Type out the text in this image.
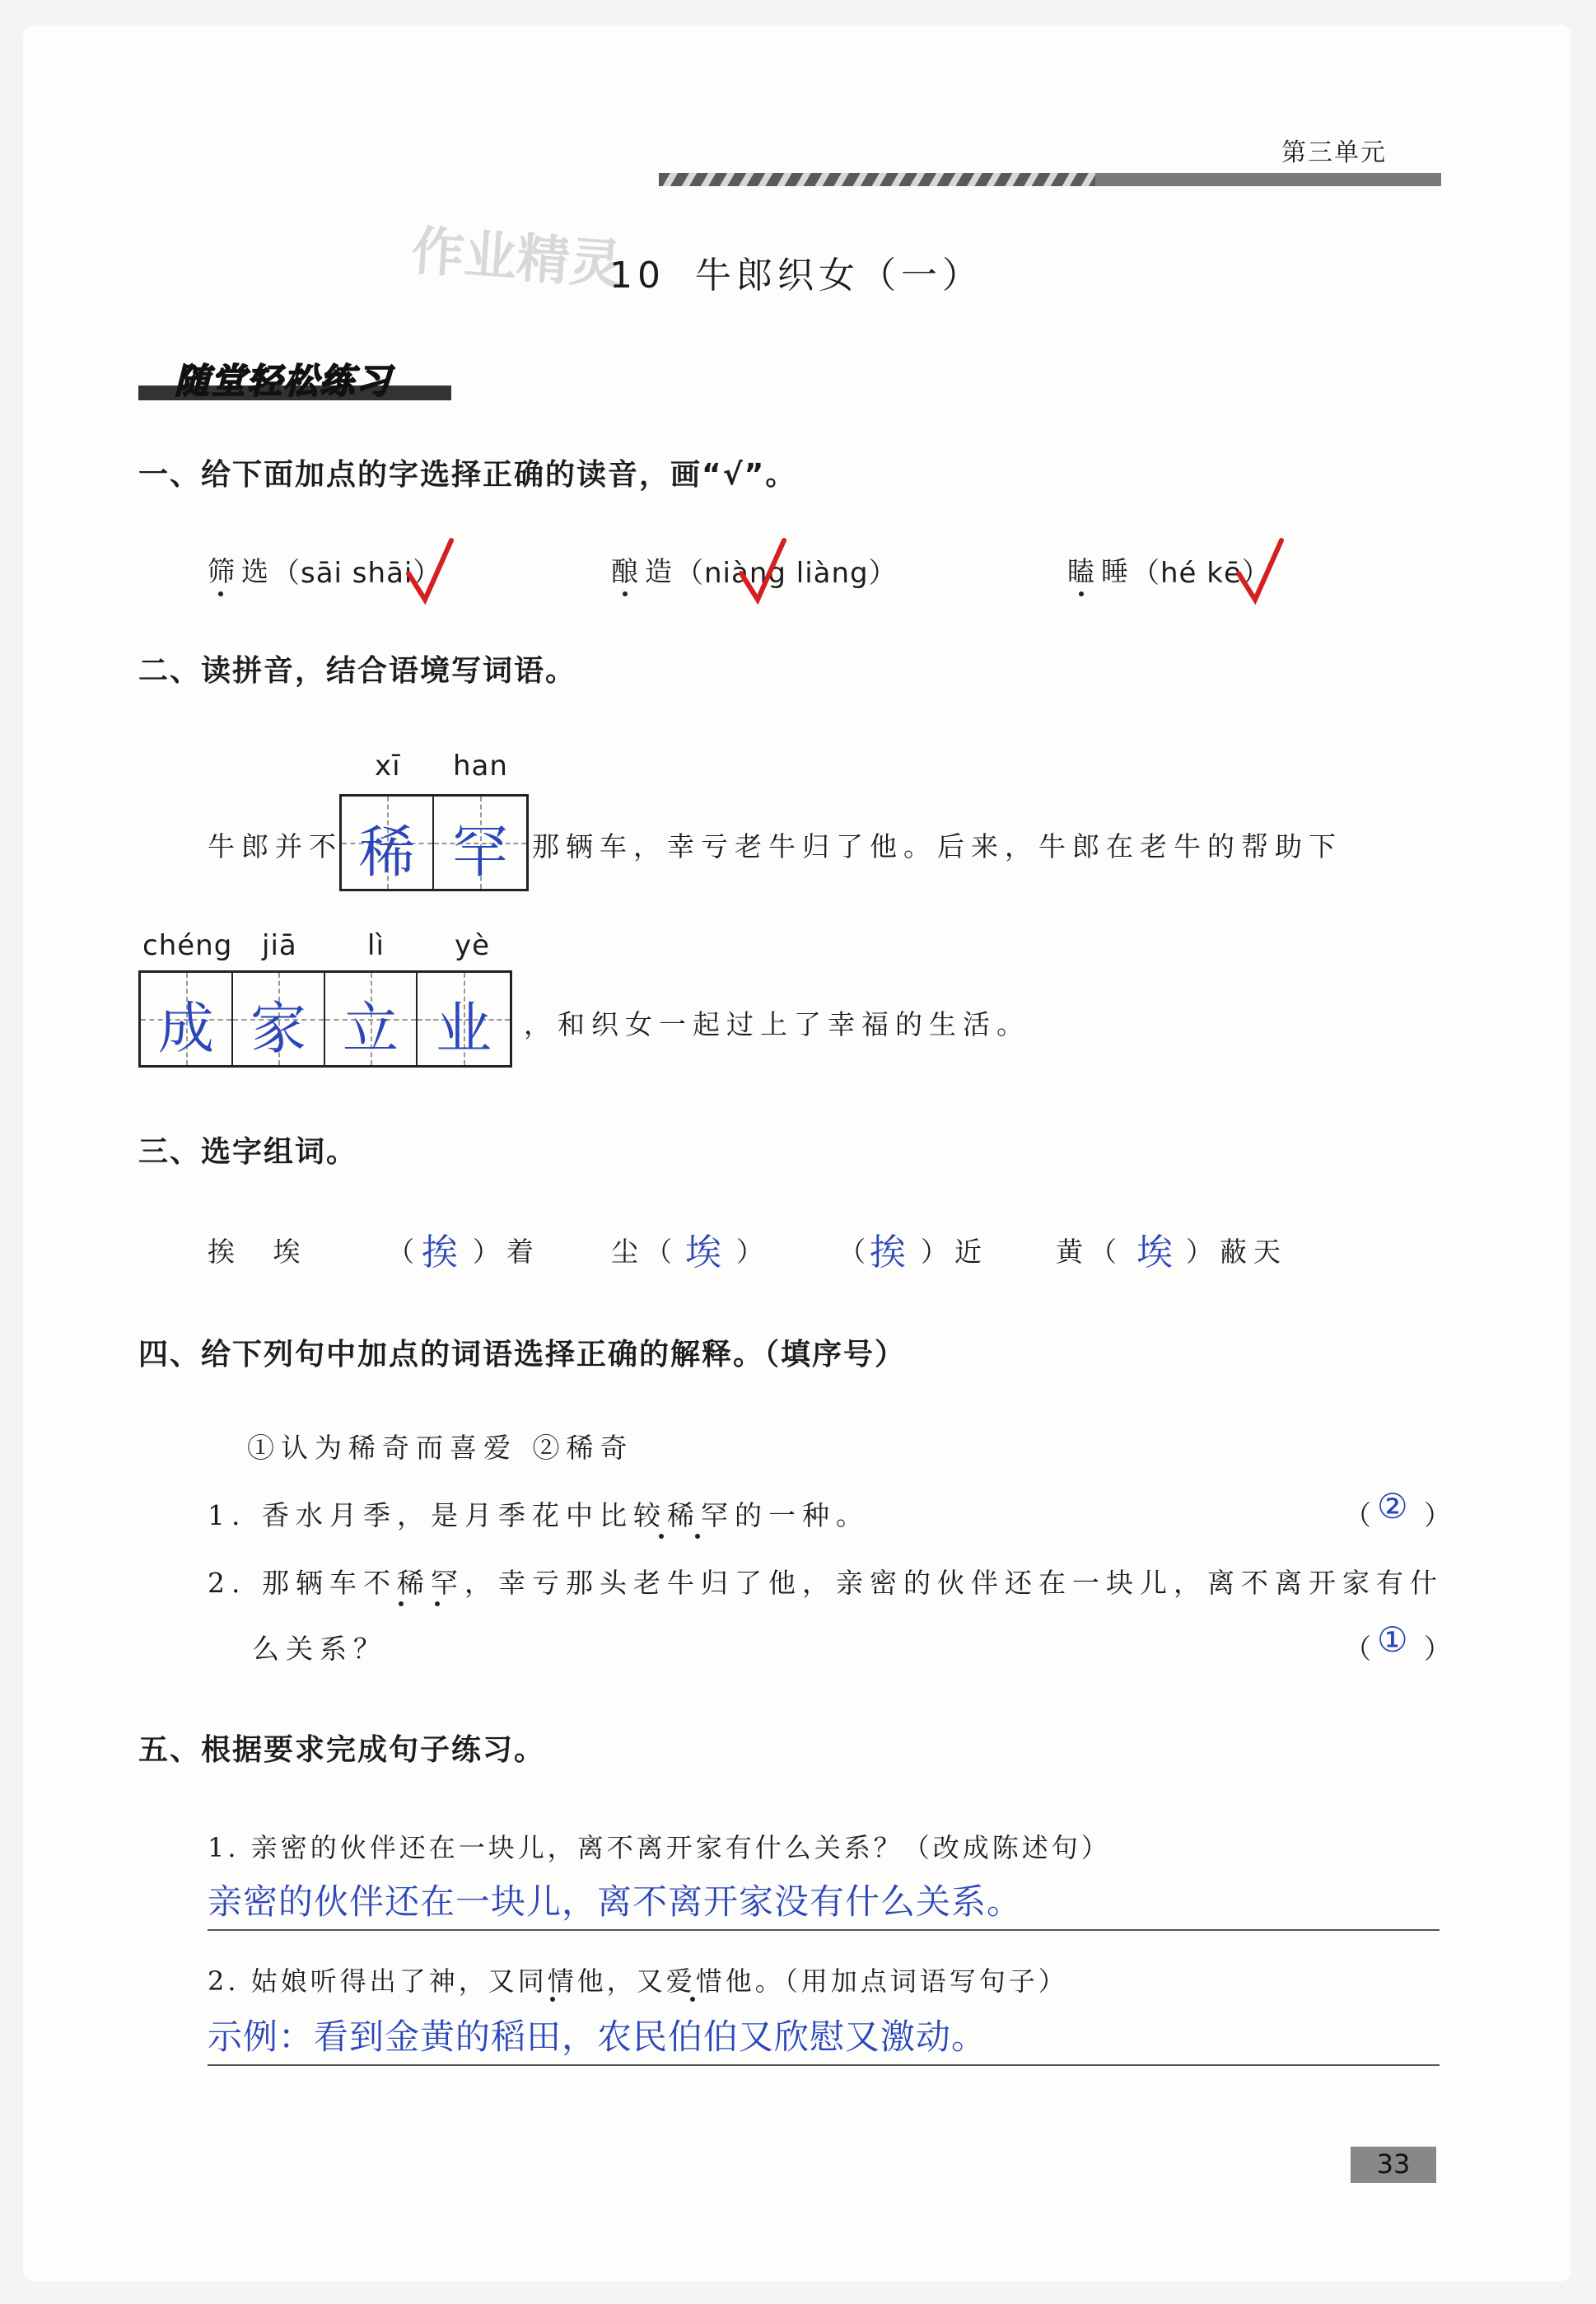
第三单元
作业精灵
10 牛郎织女（一）
随堂轻松练习
一、给下面加点的字选择正确的读音，画“√”。
筛选
（sāi shāi）	酿造
（niàng liàng）	瞌睡
（hé kē）
二、读拼音，结合语境写词语。
xī han
牛郎并不 稀 罕 那辆车，幸亏老牛归了他。后来，牛郎在老牛的帮助下
chéng jiā	lì	yè
成 家 立 业	，和织女一起过上了幸福的生活。
三、选字组词。
挨 埃	（ 挨 ）着	尘（ 埃 ）	（
挨 ）近 黄（ 埃 ）蔽天
四、给下列句中加点的词语选择正确的解释。（填序号）
①认为稀奇而喜爱 ②稀奇
1. 香水月季，是月季花中比较稀罕的一种。	（ ）
②
2. 那辆车不稀罕，幸亏那头老牛归了他，亲密的伙伴还在一块儿，离不离开家有什
么关系？	（ ）
①
五、根据要求完成句子练习。
1. 亲密的伙伴还在一块儿，离不离开家有什么关系？（改成陈述句）
亲密的伙伴还在一块儿，离不离开家没有什么关系。
2. 姑娘听得出了神，又同情他，又爱惜他。（用加点词语写句子）
示例：看到金黄的稻田，农民伯伯又欣慰又激动。
33
